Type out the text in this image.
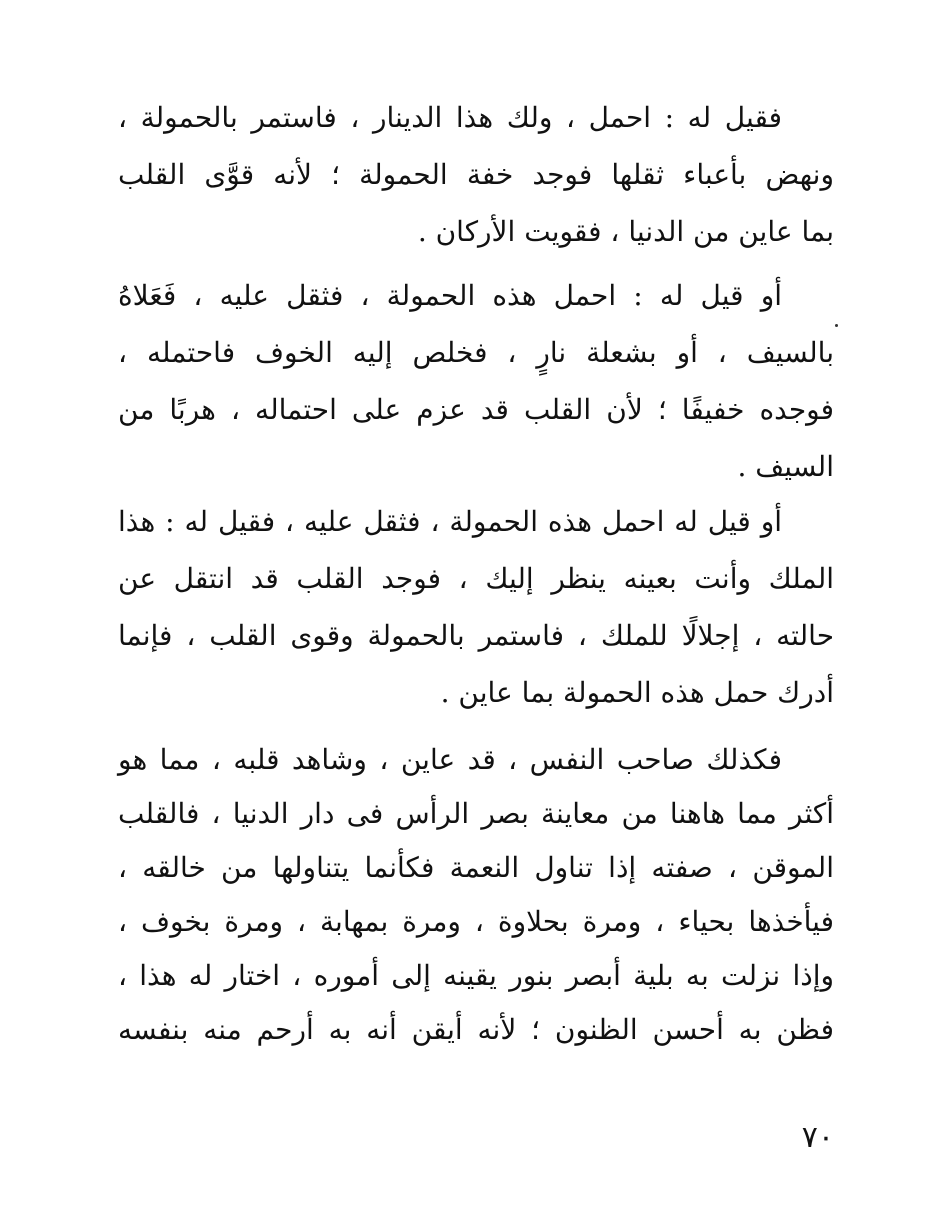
فقيل له : احمل ، ولك هذا الدينار ، فاستمر بالحمولة ،
ونهض بأعباء ثقلها فوجد خفة الحمولة ؛ لأنه قوَّى القلب
بما عاين من الدنيا ، فقويت الأركان .
أو قيل له : احمل هذه الحمولة ، فثقل عليه ، فَعَلاهُ
بالسيف ، أو بشعلة نارٍ ، فخلص إليه الخوف فاحتمله ،
فوجده خفيفًا ؛ لأن القلب قد عزم على احتماله ، هربًا من
السيف .
أو قيل له احمل هذه الحمولة ، فثقل عليه ، فقيل له : هذا
الملك وأنت بعينه ينظر إليك ، فوجد القلب قد انتقل عن
حالته ، إجلالًا للملك ، فاستمر بالحمولة وقوى القلب ، فإنما
أدرك حمل هذه الحمولة بما عاين .
فكذلك صاحب النفس ، قد عاين ، وشاهد قلبه ، مما هو
أكثر مما هاهنا من معاينة بصر الرأس فى دار الدنيا ، فالقلب
الموقن ، صفته إذا تناول النعمة فكأنما يتناولها من خالقه ،
فيأخذها بحياء ، ومرة بحلاوة ، ومرة بمهابة ، ومرة بخوف ،
وإذا نزلت به بلية أبصر بنور يقينه إلى أموره ، اختار له هذا ،
فظن به أحسن الظنون ؛ لأنه أيقن أنه به أرحم منه بنفسه
٧٠
